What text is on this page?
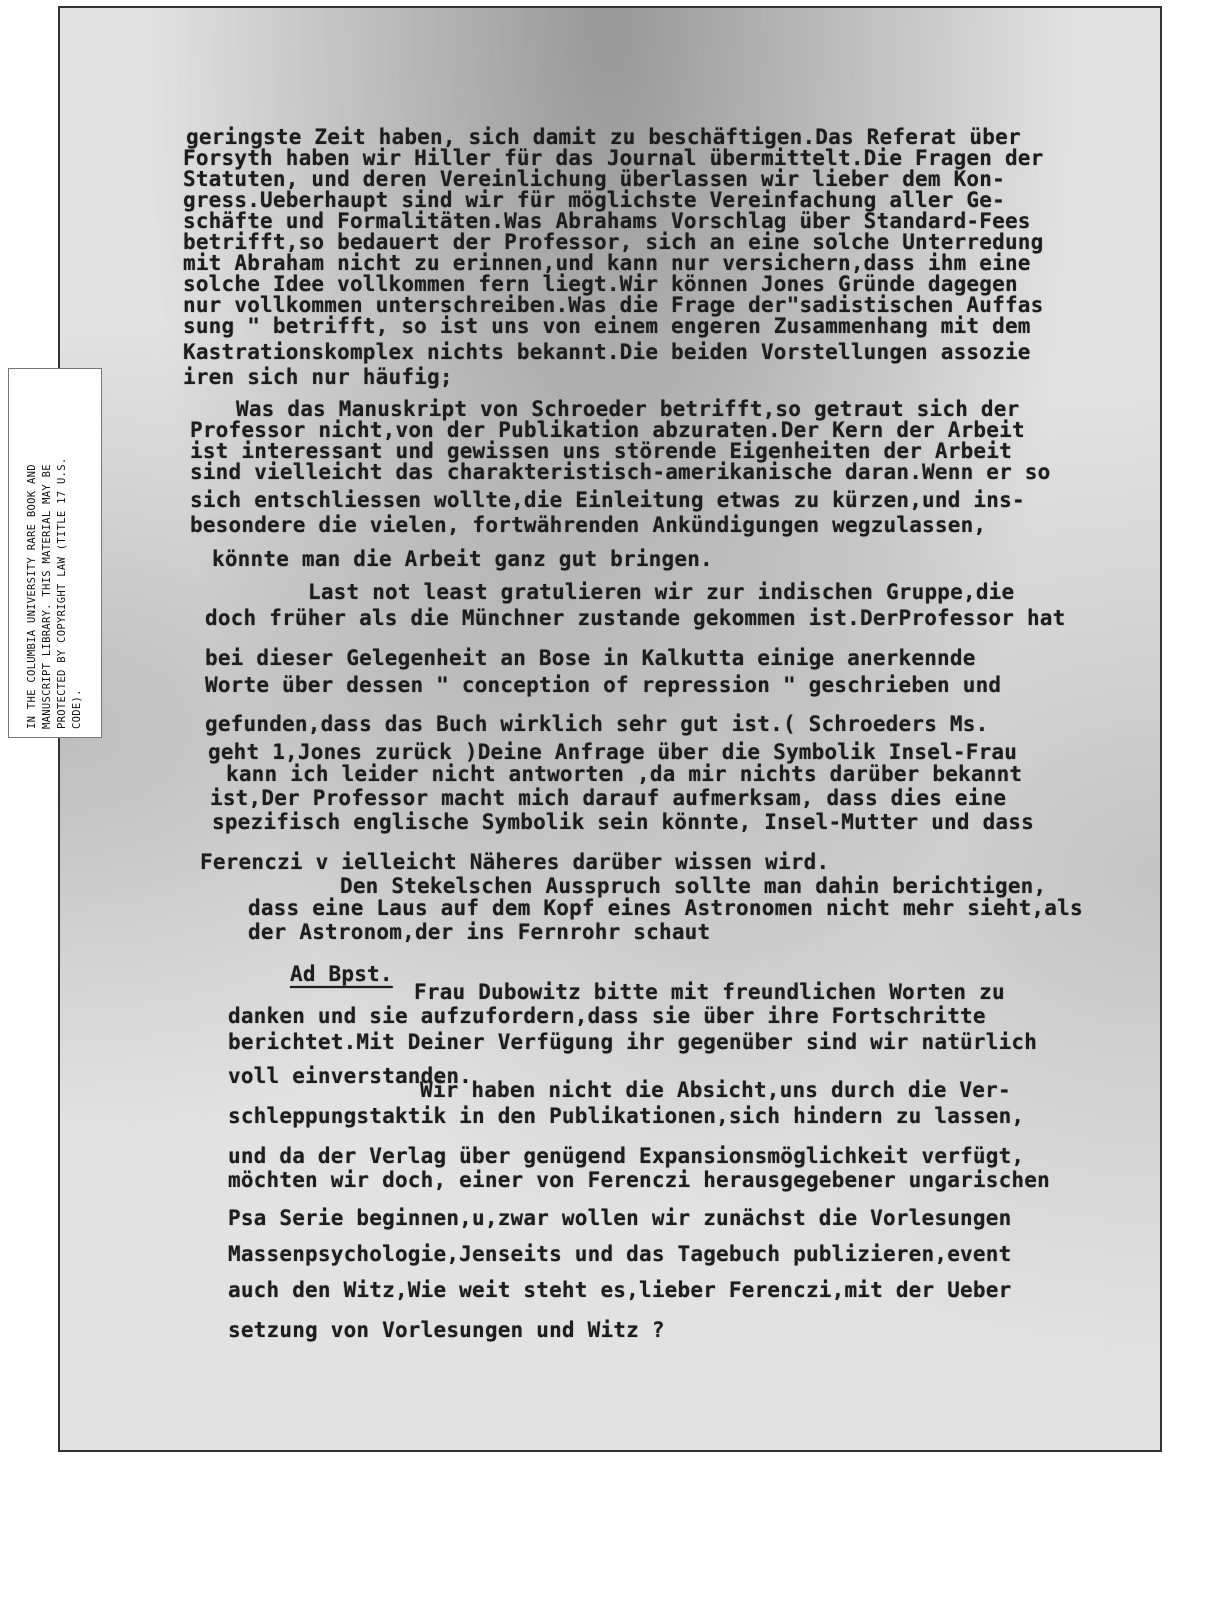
IN THE COLUMBIA UNIVERSITY RARE BOOK AND MANUSCRIPT LIBRARY. THIS MATERIAL MAY BE PROTECTED BY COPYRIGHT LAW (TITLE 17 U.S. CODE).
geringste Zeit haben, sich damit zu beschäftigen.Das Referat über
Forsyth haben wir Hiller für das Journal übermittelt.Die Fragen der
Statuten, und deren Vereinlichung überlassen wir lieber dem Kon-
gress.Ueberhaupt sind wir für möglichste Vereinfachung aller Ge-
schäfte und Formalitäten.Was Abrahams Vorschlag über Standard-Fees
betrifft,so bedauert der Professor, sich an eine solche Unterredung
mit Abraham nicht zu erinnen,und kann nur versichern,dass ihm eine
solche Idee vollkommen fern liegt.Wir können Jones Gründe dagegen
nur vollkommen unterschreiben.Was die Frage der"sadistischen Auffas
sung " betrifft, so ist uns von einem engeren Zusammenhang mit dem
Kastrationskomplex nichts bekannt.Die beiden Vorstellungen assozie
iren sich nur häufig;
Was das Manuskript von Schroeder betrifft,so getraut sich der
Professor nicht,von der Publikation abzuraten.Der Kern der Arbeit
ist interessant und gewissen uns störende Eigenheiten der Arbeit
sind vielleicht das charakteristisch-amerikanische daran.Wenn er so
sich entschliessen wollte,die Einleitung etwas zu kürzen,und ins-
besondere die vielen, fortwährenden Ankündigungen wegzulassen,
könnte man die Arbeit ganz gut bringen.
Last not least gratulieren wir zur indischen Gruppe,die
doch früher als die Münchner zustande gekommen ist.DerProfessor hat
bei dieser Gelegenheit an Bose in Kalkutta einige anerkennde
Worte über dessen " conception of repression " geschrieben und
gefunden,dass das Buch wirklich sehr gut ist.( Schroeders Ms.
geht 1,Jones zurück )Deine Anfrage über die Symbolik Insel-Frau
kann ich leider nicht antworten ,da mir nichts darüber bekannt
ist,Der Professor macht mich darauf aufmerksam, dass dies eine
spezifisch englische Symbolik sein könnte, Insel-Mutter und dass
Ferenczi v ielleicht Näheres darüber wissen wird.
Den Stekelschen Ausspruch sollte man dahin berichtigen,
dass eine Laus auf dem Kopf eines Astronomen nicht mehr sieht,als
der Astronom,der ins Fernrohr schaut
Ad Bpst.
Frau Dubowitz bitte mit freundlichen Worten zu
danken und sie aufzufordern,dass sie über ihre Fortschritte
berichtet.Mit Deiner Verfügung ihr gegenüber sind wir natürlich
voll einverstanden.
Wir haben nicht die Absicht,uns durch die Ver-
schleppungstaktik in den Publikationen,sich hindern zu lassen,
und da der Verlag über genügend Expansionsmöglichkeit verfügt,
möchten wir doch, einer von Ferenczi herausgegebener ungarischen
Psa Serie beginnen,u,zwar wollen wir zunächst die Vorlesungen
Massenpsychologie,Jenseits und das Tagebuch publizieren,event
auch den Witz,Wie weit steht es,lieber Ferenczi,mit der Ueber
setzung von Vorlesungen und Witz ?
